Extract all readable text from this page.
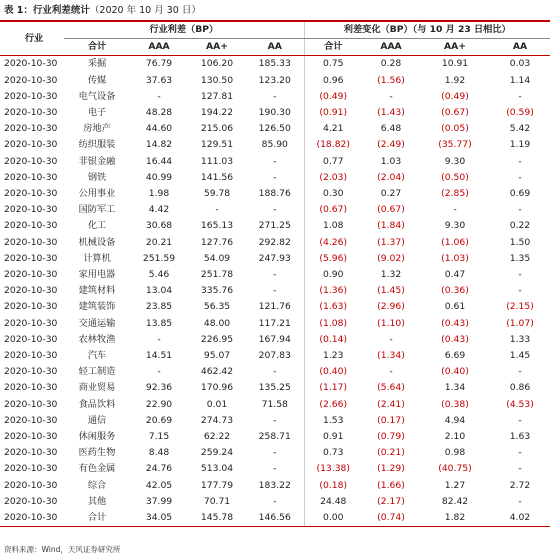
表 1：行业利差统计（2020 年 10 月 30 日）
行业	行业利差（BP）				利差变化（BP）（与 10 月 23 日相比）			
	合计	AAA	AA+	AA	合计	AAA	AA+	AA
2020-10-30	采掘	76.79	106.20	185.33	0.75	0.28	10.91	0.03
2020-10-30	传媒	37.63	130.50	123.20	0.96	(1.56)	1.92	1.14
2020-10-30	电气设备	-	127.81	-	(0.49)	-	(0.49)	-
2020-10-30	电子	48.28	194.22	190.30	(0.91)	(1.43)	(0.67)	(0.59)
2020-10-30	房地产	44.60	215.06	126.50	4.21	6.48	(0.05)	5.42
2020-10-30	纺织服装	14.82	129.51	85.90	(18.82)	(2.49)	(35.77)	1.19
2020-10-30	非银金融	16.44	111.03	-	0.77	1.03	9.30	-
2020-10-30	钢铁	40.99	141.56	-	(2.03)	(2.04)	(0.50)	-
2020-10-30	公用事业	1.98	59.78	188.76	0.30	0.27	(2.85)	0.69
2020-10-30	国防军工	4.42	-	-	(0.67)	(0.67)	-	-
2020-10-30	化工	30.68	165.13	271.25	1.08	(1.84)	9.30	0.22
2020-10-30	机械设备	20.21	127.76	292.82	(4.26)	(1.37)	(1.06)	1.50
2020-10-30	计算机	251.59	54.09	247.93	(5.96)	(9.02)	(1.03)	1.35
2020-10-30	家用电器	5.46	251.78	-	0.90	1.32	0.47	-
2020-10-30	建筑材料	13.04	335.76	-	(1.36)	(1.45)	(0.36)	-
2020-10-30	建筑装饰	23.85	56.35	121.76	(1.63)	(2.96)	0.61	(2.15)
2020-10-30	交通运输	13.85	48.00	117.21	(1.08)	(1.10)	(0.43)	(1.07)
2020-10-30	农林牧渔	-	226.95	167.94	(0.14)	-	(0.43)	1.33
2020-10-30	汽车	14.51	95.07	207.83	1.23	(1.34)	6.69	1.45
2020-10-30	轻工制造	-	462.42	-	(0.40)	-	(0.40)	-
2020-10-30	商业贸易	92.36	170.96	135.25	(1.17)	(5.64)	1.34	0.86
2020-10-30	食品饮料	22.90	0.01	71.58	(2.66)	(2.41)	(0.38)	(4.53)
2020-10-30	通信	20.69	274.73	-	1.53	(0.17)	4.94	-
2020-10-30	休闲服务	7.15	62.22	258.71	0.91	(0.79)	2.10	1.63
2020-10-30	医药生物	8.48	259.24	-	0.73	(0.21)	0.98	-
2020-10-30	有色金属	24.76	513.04	-	(13.38)	(1.29)	(40.75)	-
2020-10-30	综合	42.05	177.79	183.22	(0.18)	(1.66)	1.27	2.72
2020-10-30	其他	37.99	70.71	-	24.48	(2.17)	82.42	-
2020-10-30	合计	34.05	145.78	146.56	0.00	(0.74)	1.82	4.02
资料来源：Wind，天风证券研究所
